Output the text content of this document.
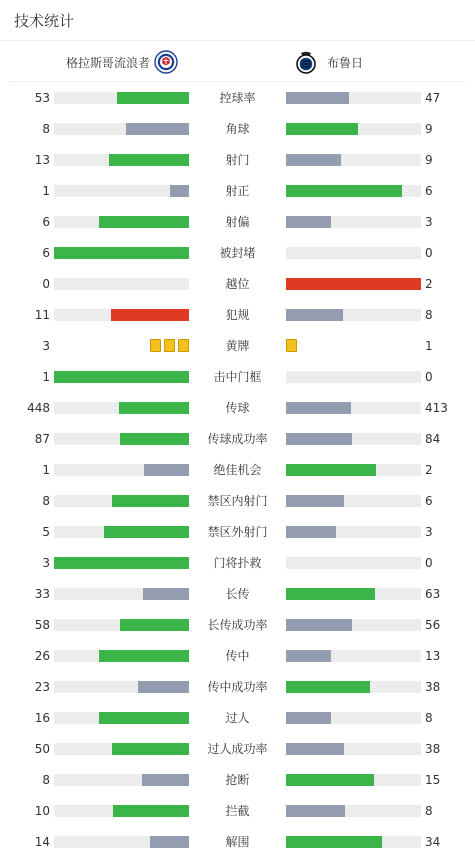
技术统计
格拉斯哥流浪者	布鲁日
53	控球率	47
8	角球	9
13	射门	9
1	射正	6
6	射偏	3
6	被封堵	0
0	越位	2
11	犯规	8
3	黄牌	1
1	击中门框	0
448	传球	413
87	传球成功率	84
1	绝佳机会	2
8	禁区内射门	6
5	禁区外射门	3
3	门将扑救	0
33	长传	63
58	长传成功率	56
26	传中	13
23	传中成功率	38
16	过人	8
50	过人成功率	38
8	抢断	15
10	拦截	8
14	解围	34
